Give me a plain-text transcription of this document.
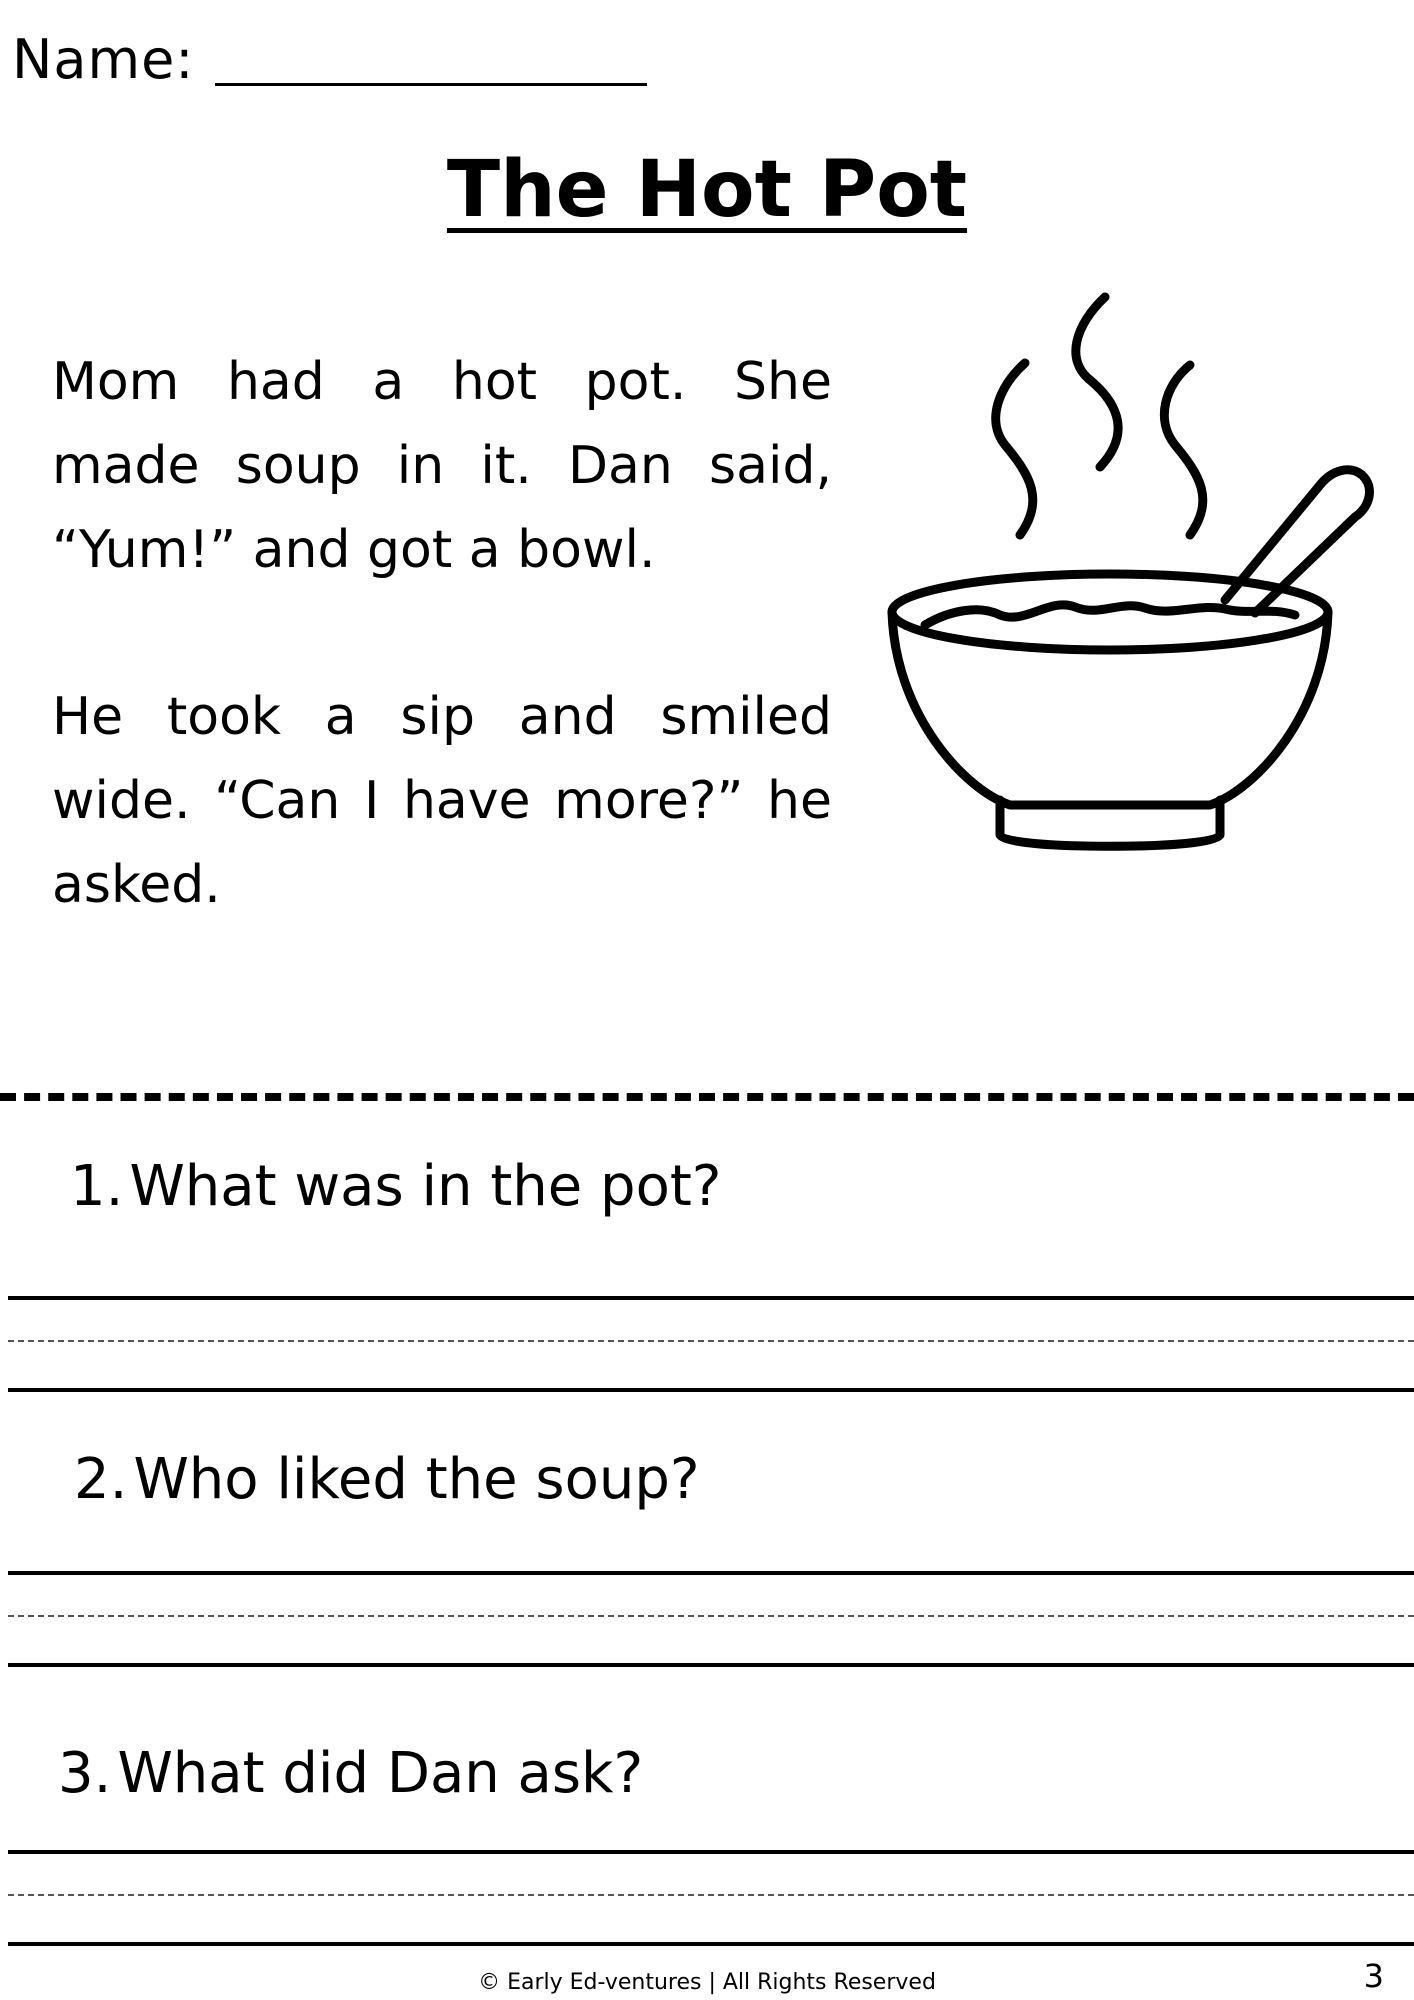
Name:
The Hot Pot

Mom had a hot pot. She made soup in it. Dan said, “Yum!” and got a bowl.

He took a sip and smiled wide. “Can I have more?” he asked.

1. What was in the pot?
2. Who liked the soup?
3. What did Dan ask?
© Early Ed-ventures | All Rights Reserved	3
